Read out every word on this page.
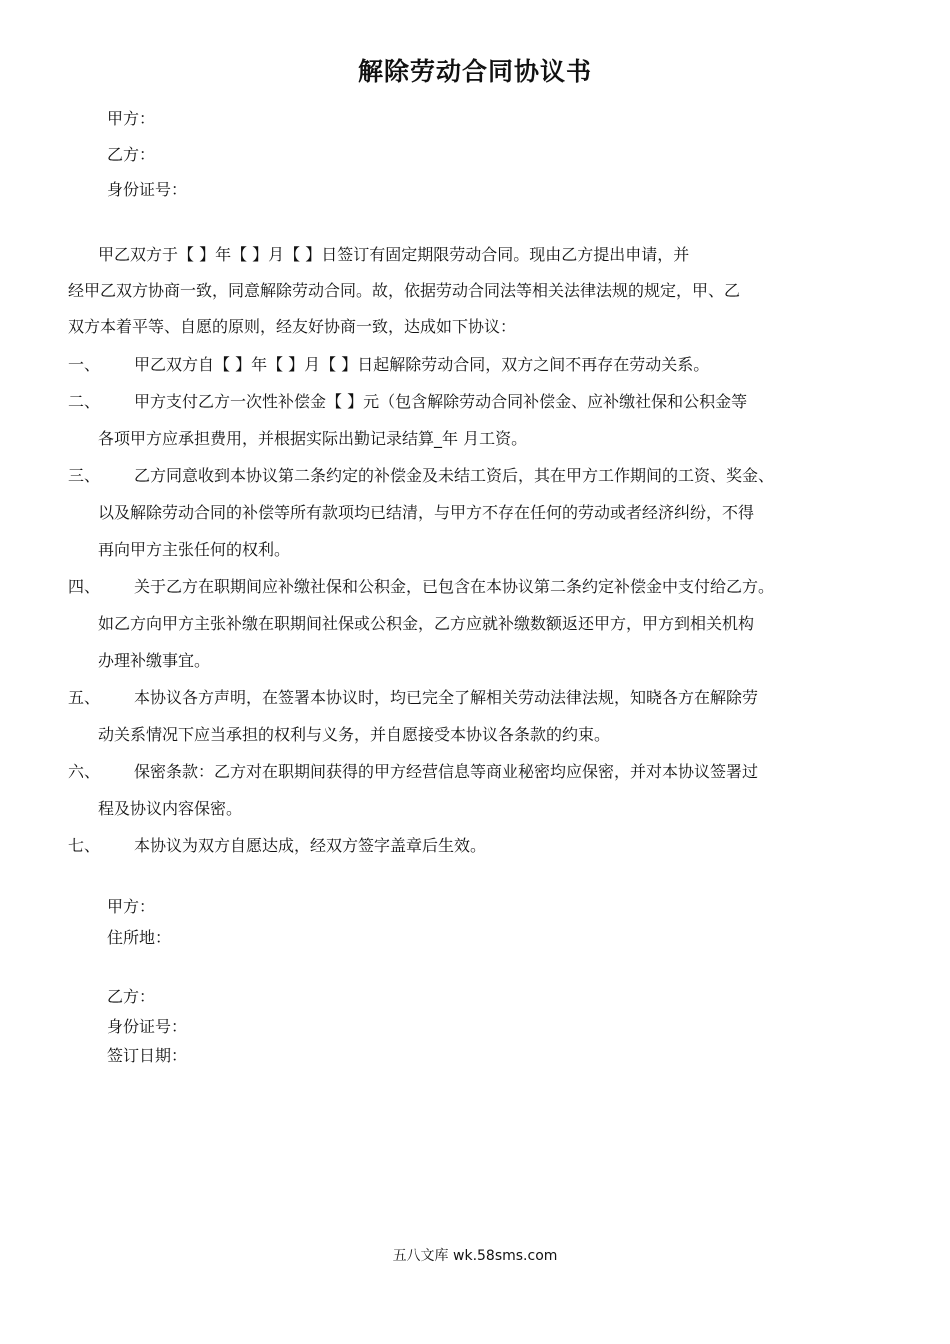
解除劳动合同协议书
甲方：
乙方：
身份证号：
甲乙双方于【 】年【 】月【 】日签订有固定期限劳动合同。现由乙方提出申请，并
经甲乙双方协商一致，同意解除劳动合同。故，依据劳动合同法等相关法律法规的规定，甲、乙
双方本着平等、自愿的原则，经友好协商一致，达成如下协议：
一、 甲乙双方自【 】年【 】月【 】日起解除劳动合同，双方之间不再存在劳动关系。
二、 甲方支付乙方一次性补偿金【 】元（包含解除劳动合同补偿金、应补缴社保和公积金等
各项甲方应承担费用，并根据实际出勤记录结算_年 月工资。
三、 乙方同意收到本协议第二条约定的补偿金及未结工资后，其在甲方工作期间的工资、奖金、
以及解除劳动合同的补偿等所有款项均已结清，与甲方不存在任何的劳动或者经济纠纷，不得
再向甲方主张任何的权利。
四、 关于乙方在职期间应补缴社保和公积金，已包含在本协议第二条约定补偿金中支付给乙方。
如乙方向甲方主张补缴在职期间社保或公积金，乙方应就补缴数额返还甲方，甲方到相关机构
办理补缴事宜。
五、 本协议各方声明，在签署本协议时，均已完全了解相关劳动法律法规，知晓各方在解除劳
动关系情况下应当承担的权利与义务，并自愿接受本协议各条款的约束。
六、 保密条款：乙方对在职期间获得的甲方经营信息等商业秘密均应保密，并对本协议签署过
程及协议内容保密。
七、 本协议为双方自愿达成，经双方签字盖章后生效。
甲方：
住所地：
乙方：
身份证号：
签订日期：
五八文库 wk.58sms.com
